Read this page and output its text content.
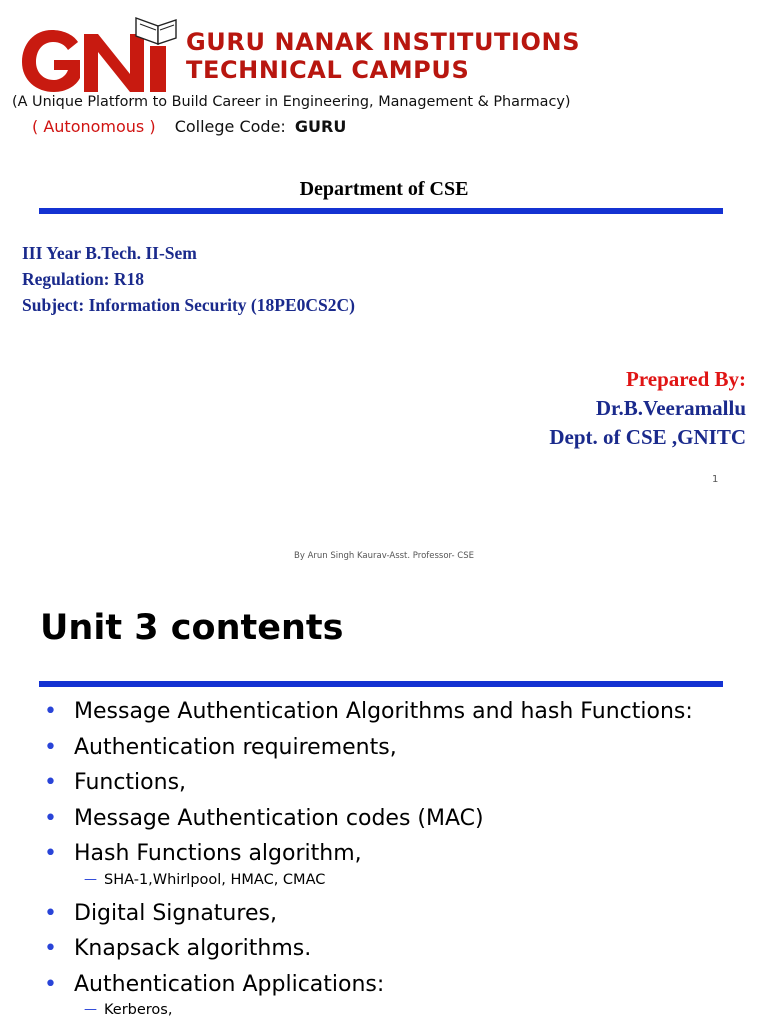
GURU NANAK INSTITUTIONS
TECHNICAL CAMPUS
(A Unique Platform to Build Career in Engineering, Management & Pharmacy)
( Autonomous ) College Code: GURU
Department of CSE
III Year B.Tech. II-Sem
Regulation: R18
Subject: Information Security (18PE0CS2C)
Prepared By:
Dr.B.Veeramallu
Dept. of CSE ,GNITC
1
By Arun Singh Kaurav-Asst. Professor- CSE
Unit 3 contents
• Message Authentication Algorithms and hash Functions:
• Authentication requirements,
• Functions,
• Message Authentication codes (MAC)
• Hash Functions algorithm,
— SHA-1,Whirlpool, HMAC, CMAC
• Digital Signatures,
• Knapsack algorithms.
• Authentication Applications:
— Kerberos,
